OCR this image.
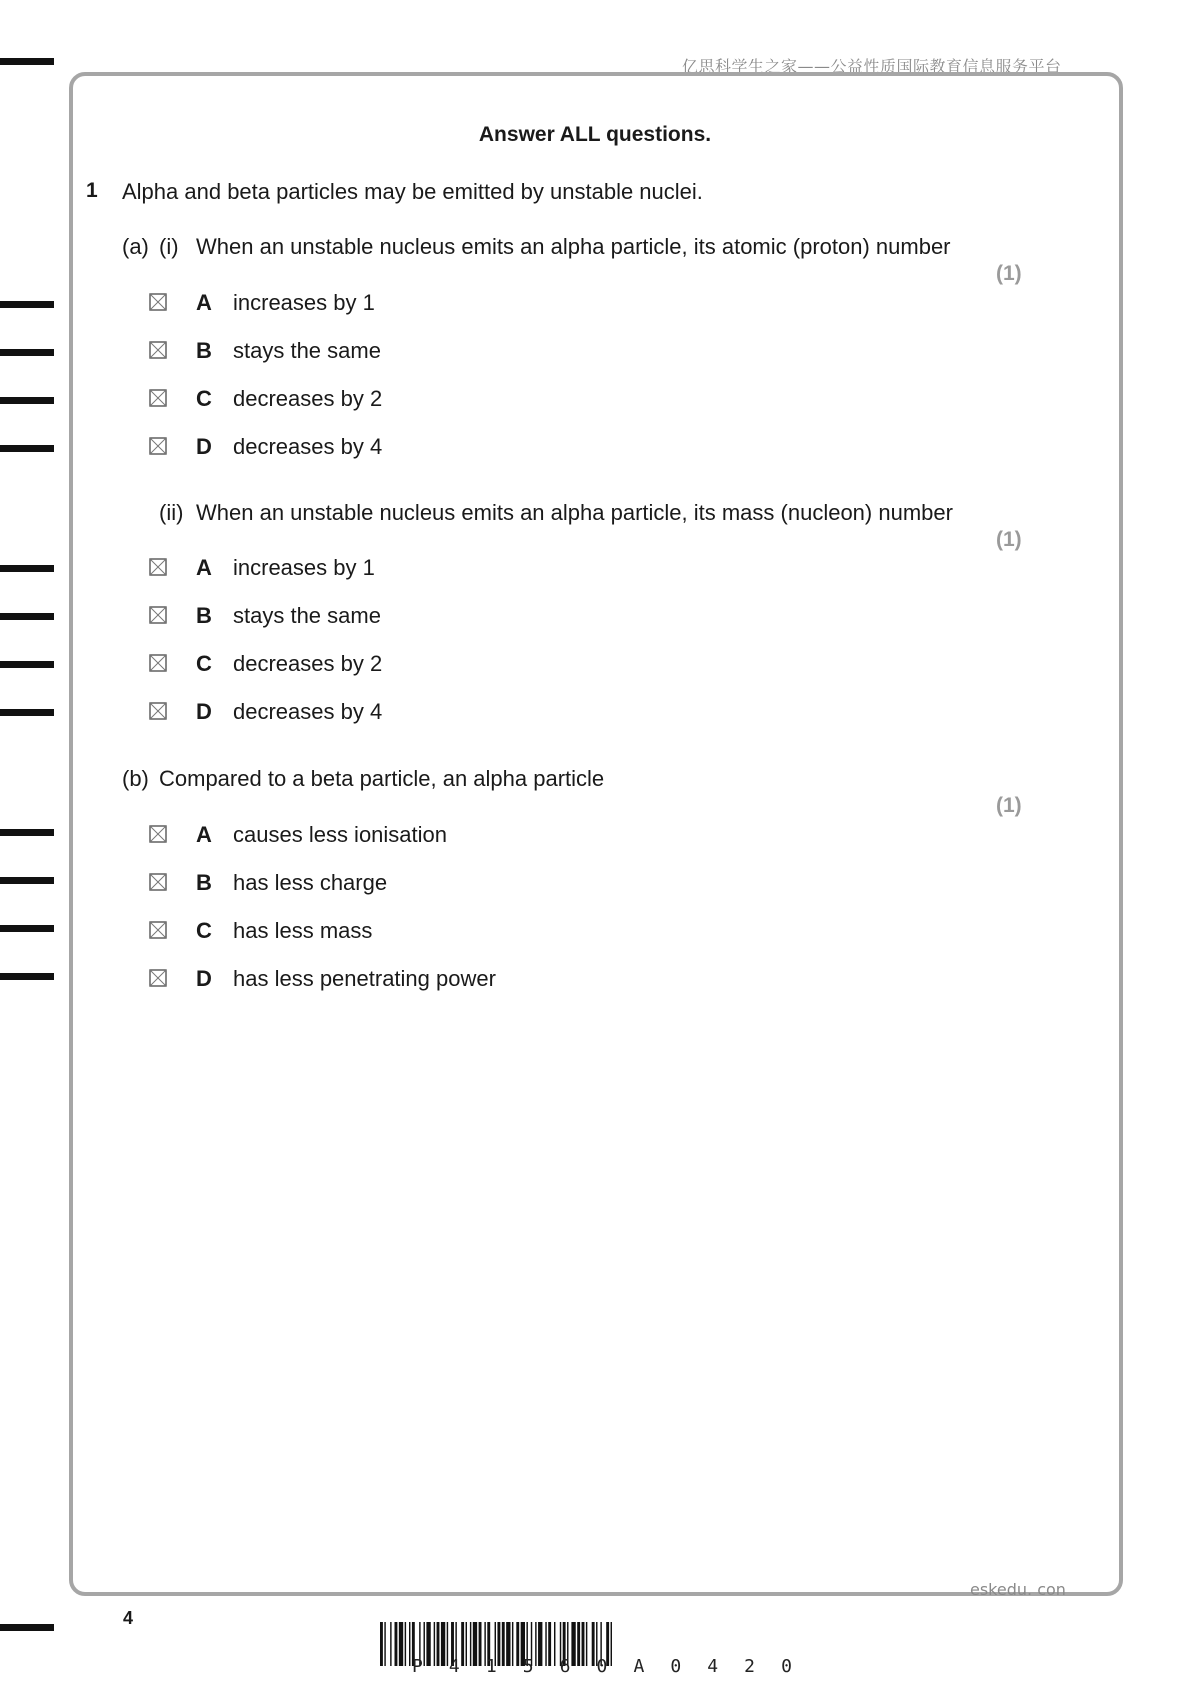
亿思科学生之家——公益性质国际教育信息服务平台
Answer ALL questions.
1 Alpha and beta particles may be emitted by unstable nuclei.
(a) (i) When an unstable nucleus emits an alpha particle, its atomic (proton) number
(1)
A increases by 1
B stays the same
C decreases by 2
D decreases by 4
(ii) When an unstable nucleus emits an alpha particle, its mass (nucleon) number
(1)
A increases by 1
B stays the same
C decreases by 2
D decreases by 4
(b) Compared to a beta particle, an alpha particle
(1)
A causes less ionisation
B has less charge
C has less mass
D has less penetrating power
eskedu. con
4
P 4 1 5 6 0 A 0 4 2 0
